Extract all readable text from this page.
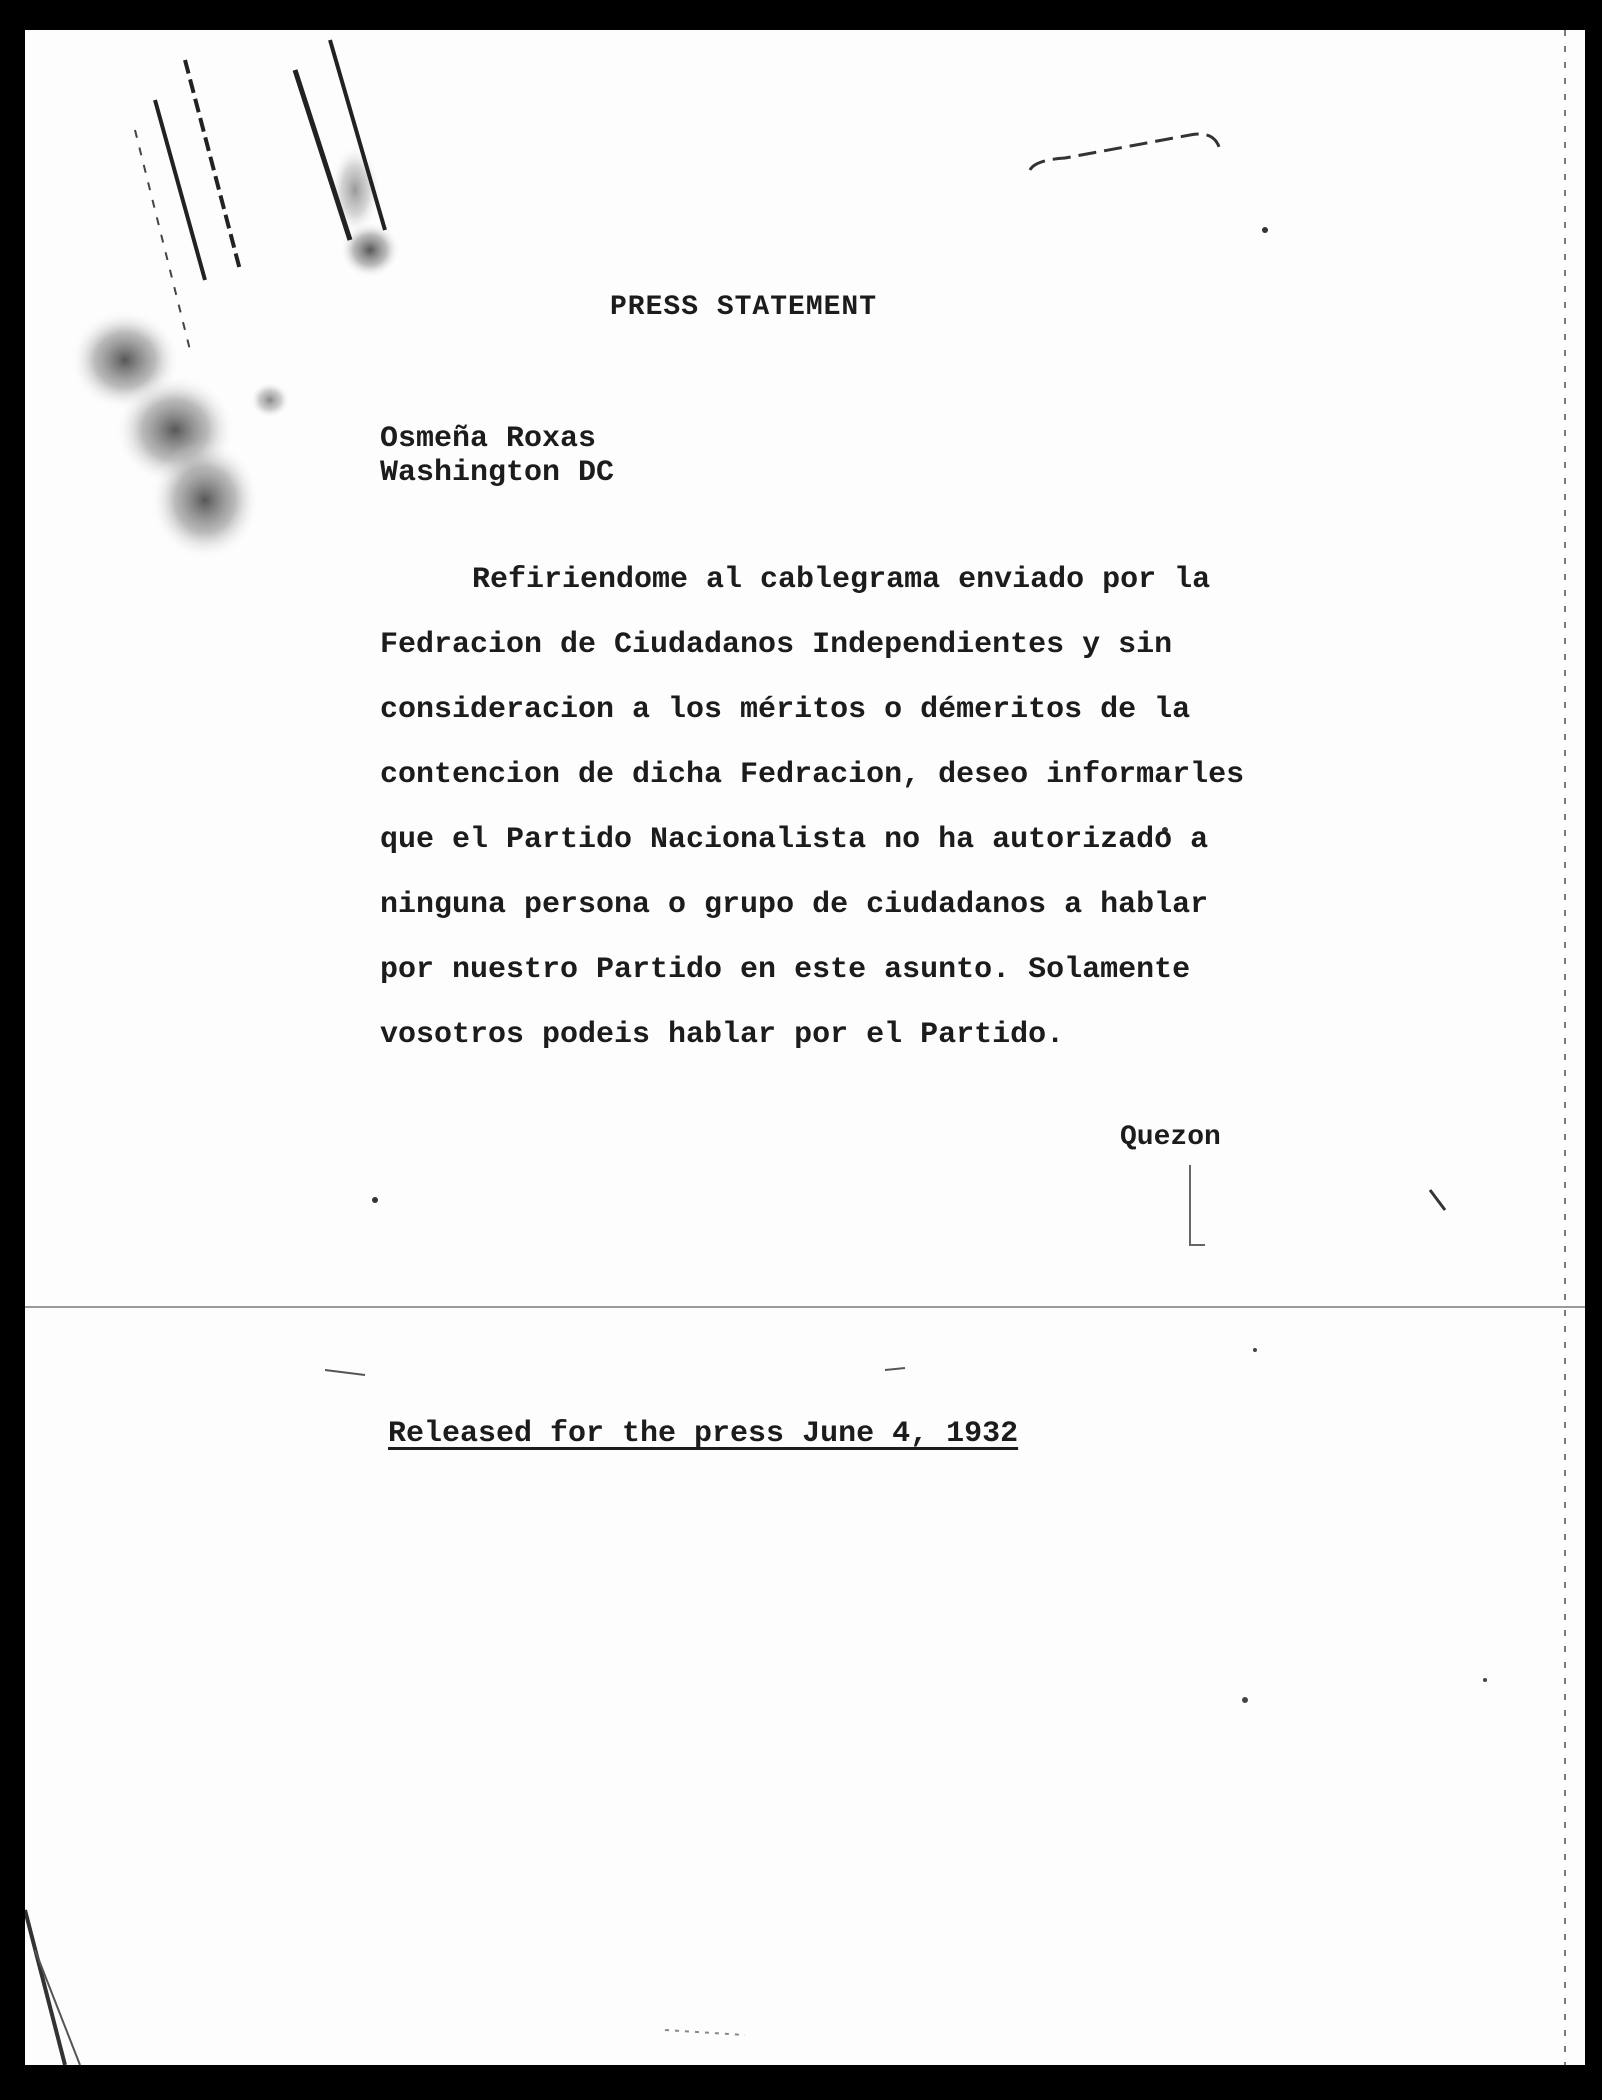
PRESS STATEMENT
Osmeña Roxas
Washington DC
Refiriendome al cablegrama enviado por la
Fedracion de Ciudadanos Independientes y sin
consideracion a los méritos o démeritos de la
contencion de dicha Fedracion, deseo informarles
que el Partido Nacionalista no ha autorizado a
ninguna persona o grupo de ciudadanos a hablar
por nuestro Partido en este asunto. Solamente
vosotros podeis hablar por el Partido.
Quezon
Released for the press June 4, 1932
